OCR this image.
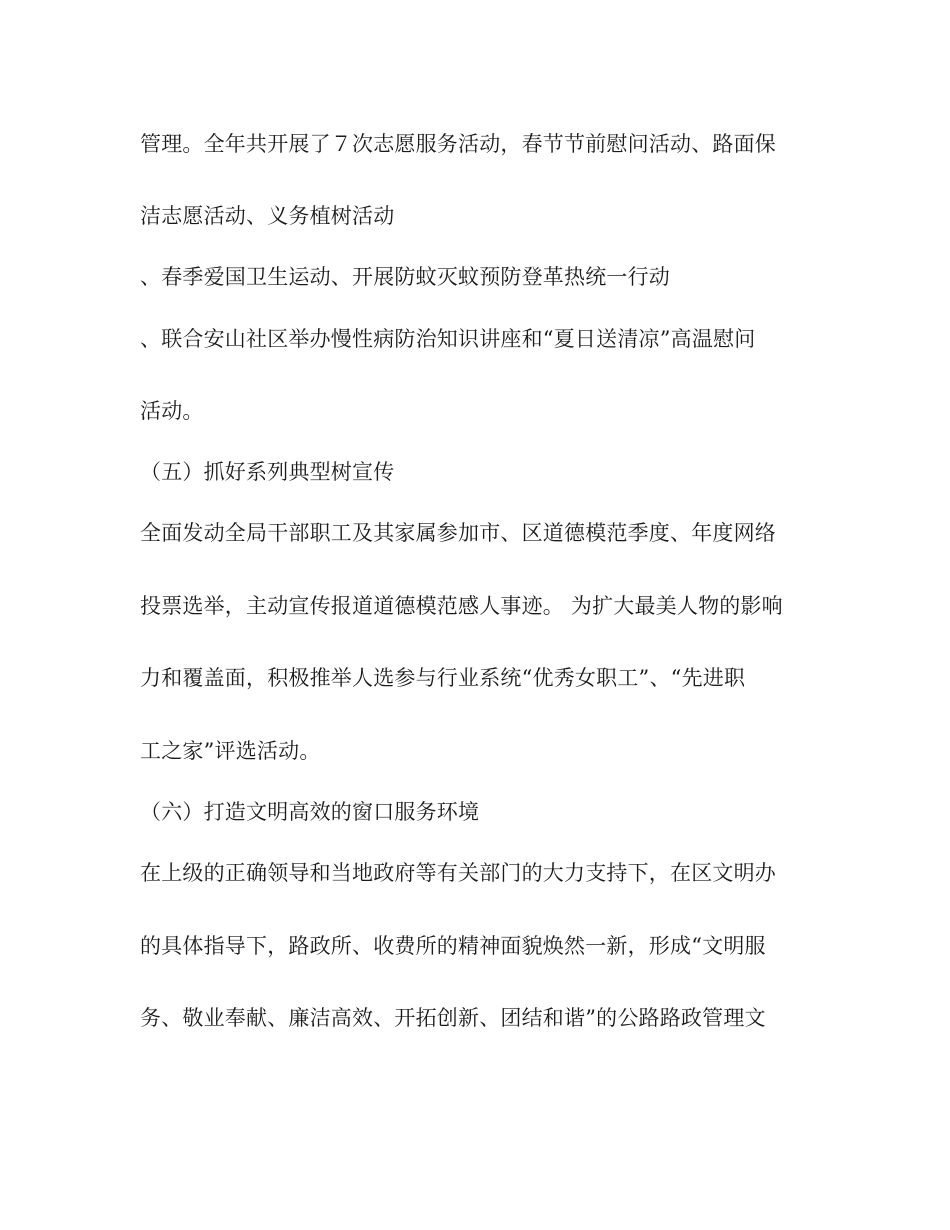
管理。全年共开展了７次志愿服务活动，春节节前慰问活动、路面保
洁志愿活动、义务植树活动
、春季爱国卫生运动、开展防蚊灭蚊预防登革热统一行动
、联合安山社区举办慢性病防治知识讲座和“夏日送清凉”高温慰问
活动。
（五）抓好系列典型树宣传
全面发动全局干部职工及其家属参加市、区道德模范季度、年度网络
投票选举，主动宣传报道道德模范感人事迹。 为扩大最美人物的影响
力和覆盖面，积极推举人选参与行业系统“优秀女职工”、“先进职
工之家”评选活动。
（六）打造文明高效的窗口服务环境
在上级的正确领导和当地政府等有关部门的大力支持下，在区文明办
的具体指导下，路政所、收费所的精神面貌焕然一新，形成“文明服
务、敬业奉献、廉洁高效、开拓创新、团结和谐”的公路路政管理文
